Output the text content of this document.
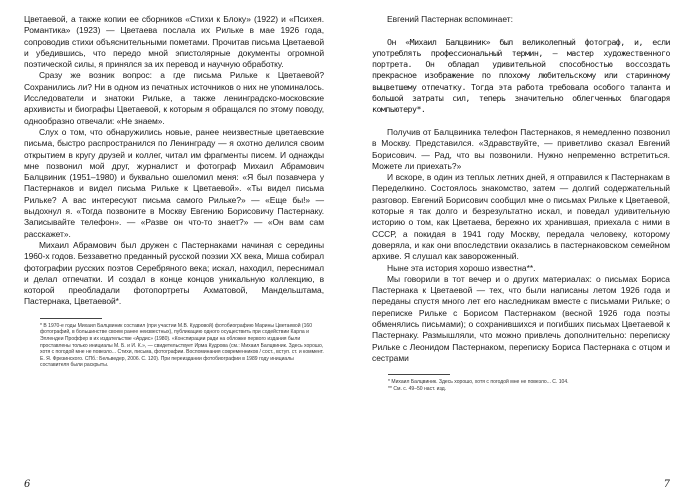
Цветаевой, а также копии ее сборников «Стихи к Блоку» (1922) и «Психея. Романтика» (1923) — Цветаева послала их Рильке в мае 1926 года, сопроводив стихи объяснительными пометами. Прочитав письма Цветаевой и убедившись, что передо мной эпистолярные документы огромной поэтической силы, я принялся за их перевод и научную обработку.

Сразу же возник вопрос: а где письма Рильке к Цветаевой? Сохранились ли? Ни в одном из печатных источников о них не упоминалось. Исследователи и знатоки Рильке, а также ленинградско-московские архивисты и биографы Цветаевой, к которым я обращался по этому поводу, однообразно отвечали: «Не знаем».

Слух о том, что обнаружились новые, ранее неизвестные цветаевские письма, быстро распространился по Ленинграду — я охотно делился своим открытием в кругу друзей и коллег, читал им фрагменты писем. И однажды мне позвонил мой друг, журналист и фотограф Михаил Абрамович Балцвиник (1951–1980) и буквально ошеломил меня: «Я был позавчера у Пастернаков и видел письма Рильке к Цветаевой». «Ты видел письма Рильке? А вас интересуют письма самого Рильке?» — «Еще бы!» — выдохнул я. «Тогда позвоните в Москву Евгению Борисовичу Пастернаку. Записывайте телефон». — «Разве он что-то знает?» — «Он вам сам расскажет».

Михаил Абрамович был дружен с Пастернаками начиная с середины 1960-х годов. Беззаветно преданный русской поэзии XX века, Миша собирал фотографии русских поэтов Серебряного века; искал, находил, переснимал и делал отпечатки. И создал в конце концов уникальную коллекцию, в которой преобладали фотопортреты Ахматовой, Мандельштама, Пастернака, Цветаевой*.

* В 1970-е годы Михаил Балцвиник составил (при участии М.В. Кудровой) фотобиографию Марины Цветаевой (160 фотографий, в большинстве своем ранее неизвестных), публикацию одного осуществить при содействии Карла и Эллендеи Проффер в их издательстве «Ардис» (1980). «Конспирации ради на обложке первого издания были проставлены только инициалы М. Б. и И. К.», — свидетельствует Ирма Кудрова (см.: Михаил Балцвиник. Здесь хорошо, хотя с погодой мне не повезло... Стихи, письма, фотографии. Воспоминания современников / сост., вступ. ст. и коммент. Е. Я. Фрезинского. СПб.: Бельведер, 2006. С. 120). При переиздании фотобиографии в 1989 году инициалы составителя были раскрыты.

6

Евгений Пастернак вспоминает:

Он «Михаил Балцвиник» был великолепный фотограф, и, если употреблять профессиональный термин, — мастер художественного портрета. Он обладал удивительной способностью воссоздать прекрасное изображение по плохому любительскому или старинному выцветшему отпечатку. Тогда эта работа требовала особого таланта и большой затраты сил, теперь значительно облегченных благодаря компьютеру*.

Получив от Балцвиника телефон Пастернаков, я немедленно позвонил в Москву. Представился. «Здравствуйте, — приветливо сказал Евгений Борисович. — Рад, что вы позвонили. Нужно непременно встретиться. Можете ли приехать?»

И вскоре, в один из теплых летних дней, я отправился к Пастернакам в Переделкино. Состоялось знакомство, затем — долгий содержательный разговор. Евгений Борисович сообщил мне о письмах Рильке к Цветаевой, которые я так долго и безрезультатно искал, и поведал удивительную историю о том, как Цветаева, бережно их хранившая, приехала с ними в СССР, а покидая в 1941 году Москву, передала человеку, которому доверяла, и как они впоследствии оказались в пастернаковском семейном архиве. Я слушал как завороженный.

Ныне эта история хорошо известна**.

Мы говорили в тот вечер и о других материалах: о письмах Бориса Пастернака к Цветаевой — тех, что были написаны летом 1926 года и переданы спустя много лет его наследникам вместе с письмами Рильке; о переписке Рильке с Борисом Пастернаком (весной 1926 года поэты обменялись письмами); о сохранившихся и погибших письмах Цветаевой к Пастернаку. Размышляли, что можно привлечь дополнительно: переписку Рильке с Леонидом Пастернаком, переписку Бориса Пастернака с отцом и сестрами

* Михаил Балцвиник. Здесь хорошо, хотя с погодой мне не повезло... С. 104.

** См. с. 49–50 наст. изд.

7
